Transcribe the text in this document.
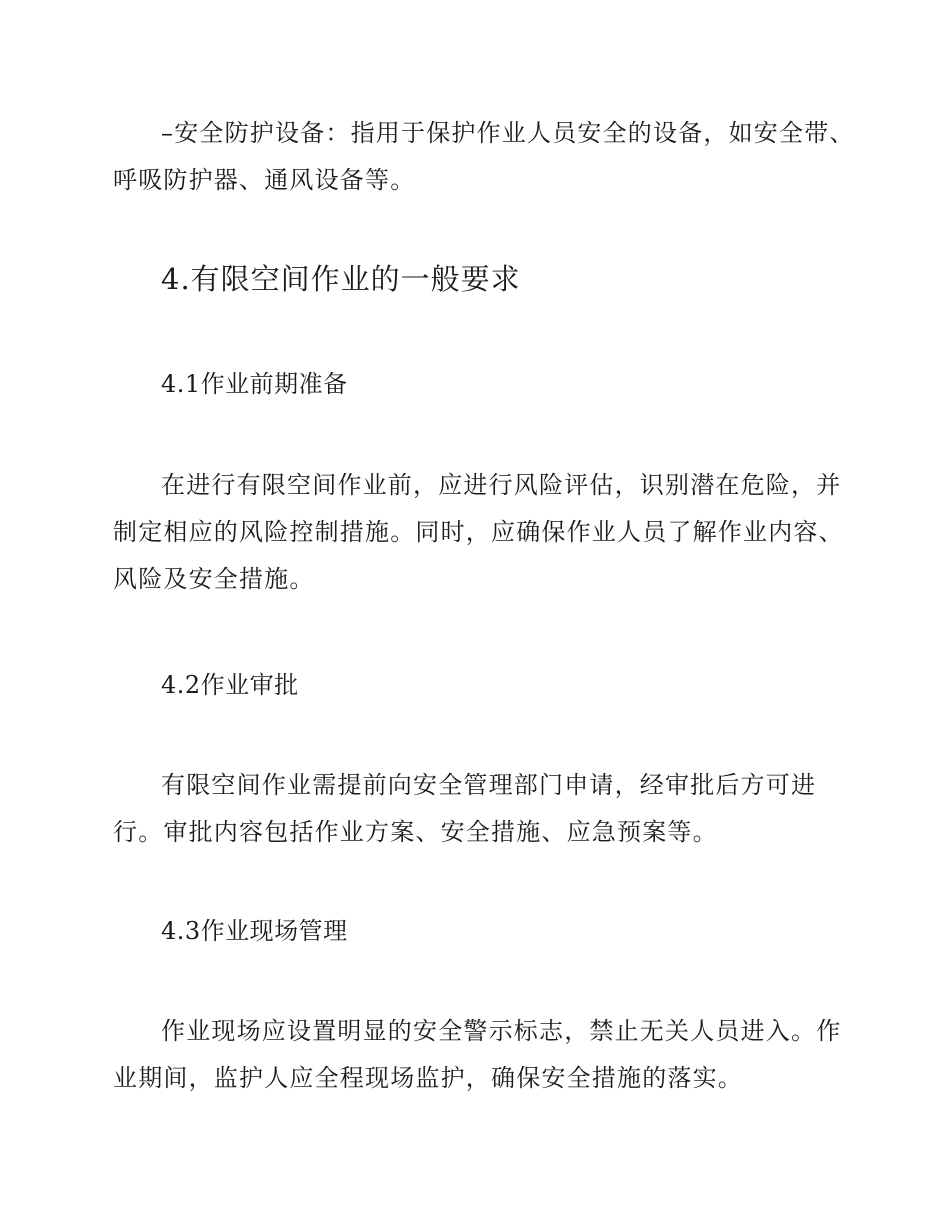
–安全防护设备：指用于保护作业人员安全的设备，如安全带、呼吸防护器、通风设备等。

4.有限空间作业的一般要求
4.1作业前期准备

在进行有限空间作业前，应进行风险评估，识别潜在危险，并制定相应的风险控制措施。同时，应确保作业人员了解作业内容、风险及安全措施。

4.2作业审批

有限空间作业需提前向安全管理部门申请，经审批后方可进行。审批内容包括作业方案、安全措施、应急预案等。

4.3作业现场管理

作业现场应设置明显的安全警示标志，禁止无关人员进入。作业期间，监护人应全程现场监护，确保安全措施的落实。
